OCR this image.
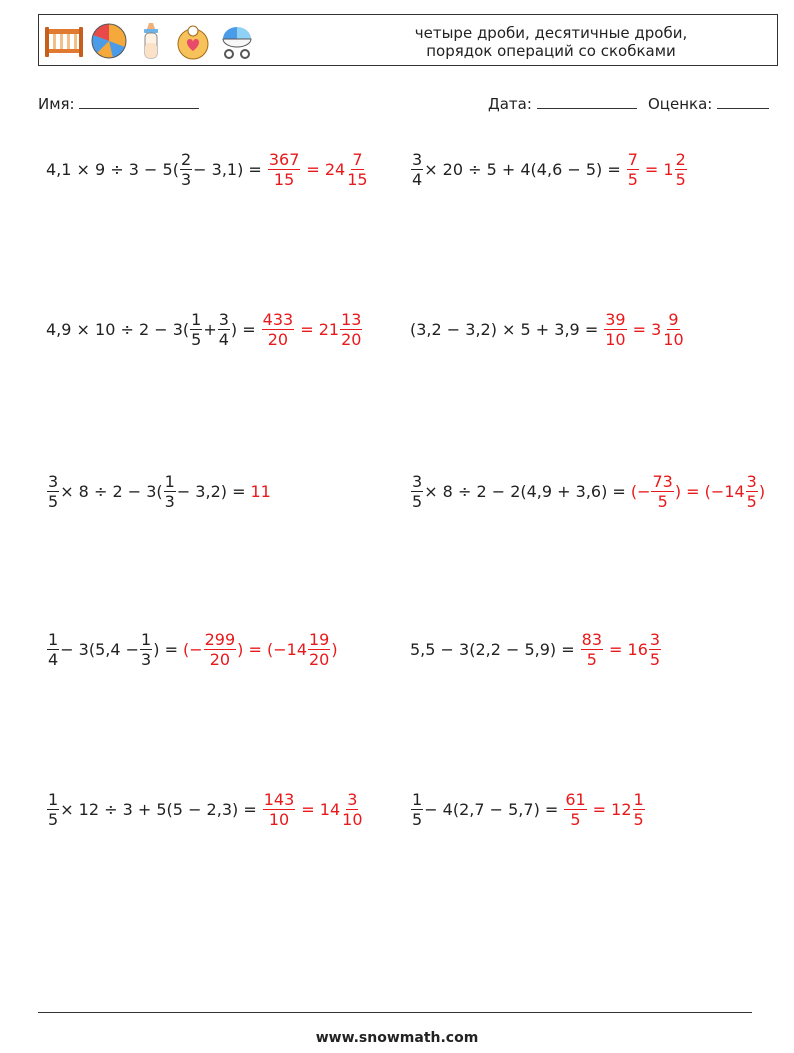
четыре дроби, десятичные дроби,
порядок операций со скобками
Имя:	Дата:	Оценка:
$4,1 \times 9 \div 3 - 5( \frac{2}{3} - 3,1) = \frac{367}{15} = 24 \frac{7}{15}$	$\frac{3}{4} \times 20 \div 5 + 4(4,6 - 5) = \frac{7}{5} = 1 \frac{2}{5}$
$4,9 \times 10 \div 2 - 3( \frac{1}{5} + \frac{3}{4}$ ) = $\frac{433}{20} = 21 \frac{13}{20}$	$(3,2 - 3,2) \times 5 + 3,9 = \frac{39}{10} = 3 \frac{9}{10}$
$\frac{3}{5} \times 8 \div 2 - 3( \frac{1}{3} - 3,2) = 11$	$\frac{3}{5} \times 8 \div 2 - 2(4,9 + 3,6)$ = (− $\frac{73}{5}$ ) = ($-14 \frac{3}{5}$ )
$\frac{1}{4} - 3(5,4 - \frac{1}{3}$ ) = (− $\frac{299}{20}$ ) = ($-14 \frac{19}{20}$ )	$5,5 - 3(2,2 - 5,9) = \frac{83}{5} = 16 \frac{3}{5}$
$\frac{1}{5} \times 12 \div 3 + 5(5 - 2,3) = \frac{143}{10} = 14 \frac{3}{10}$	$\frac{1}{5} - 4(2,7 - 5,7) = \frac{61}{5} = 12 \frac{1}{5}$
www.snowmath.com
